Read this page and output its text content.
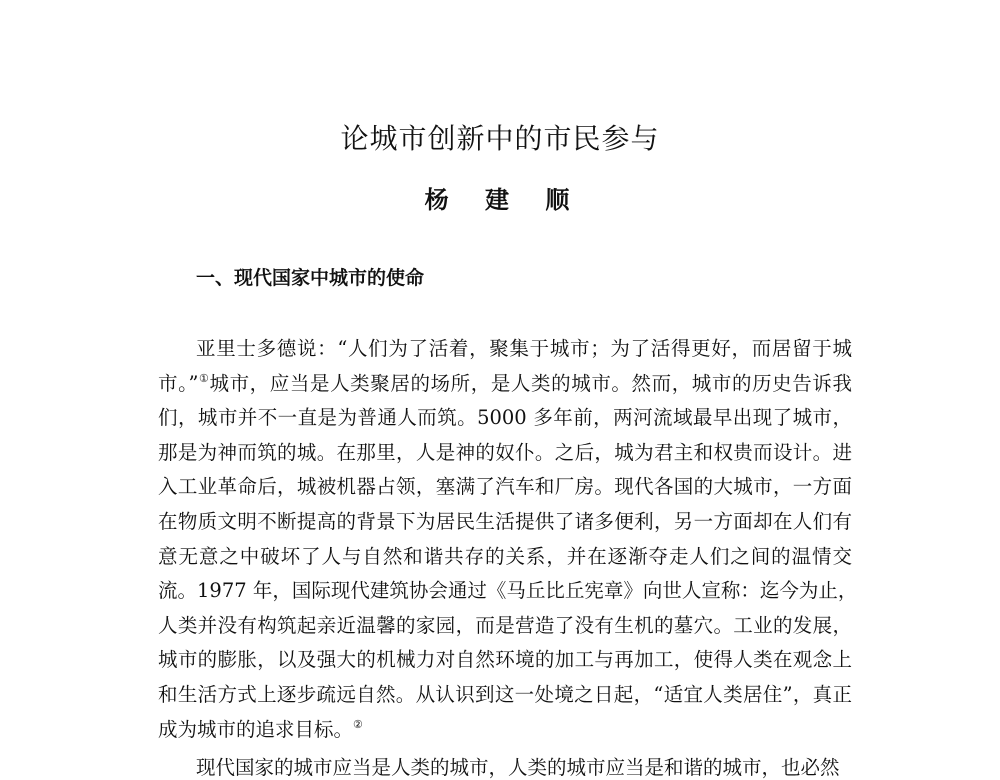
论城市创新中的市民参与
杨 建 顺
一、现代国家中城市的使命
亚里士多德说：“人们为了活着，聚集于城市；为了活得更好，而居留于城
市。”①城市，应当是人类聚居的场所，是人类的城市。然而，城市的历史告诉我
们，城市并不一直是为普通人而筑。5000 多年前，两河流域最早出现了城市，
那是为神而筑的城。在那里，人是神的奴仆。之后，城为君主和权贵而设计。进
入工业革命后，城被机器占领，塞满了汽车和厂房。现代各国的大城市，一方面
在物质文明不断提高的背景下为居民生活提供了诸多便利，另一方面却在人们有
意无意之中破坏了人与自然和谐共存的关系，并在逐渐夺走人们之间的温情交
流。1977 年，国际现代建筑协会通过《马丘比丘宪章》向世人宣称：迄今为止，
人类并没有构筑起亲近温馨的家园，而是营造了没有生机的墓穴。工业的发展，
城市的膨胀，以及强大的机械力对自然环境的加工与再加工，使得人类在观念上
和生活方式上逐步疏远自然。从认识到这一处境之日起，“适宜人类居住”，真正
成为城市的追求目标。②
现代国家的城市应当是人类的城市，人类的城市应当是和谐的城市，也必然
